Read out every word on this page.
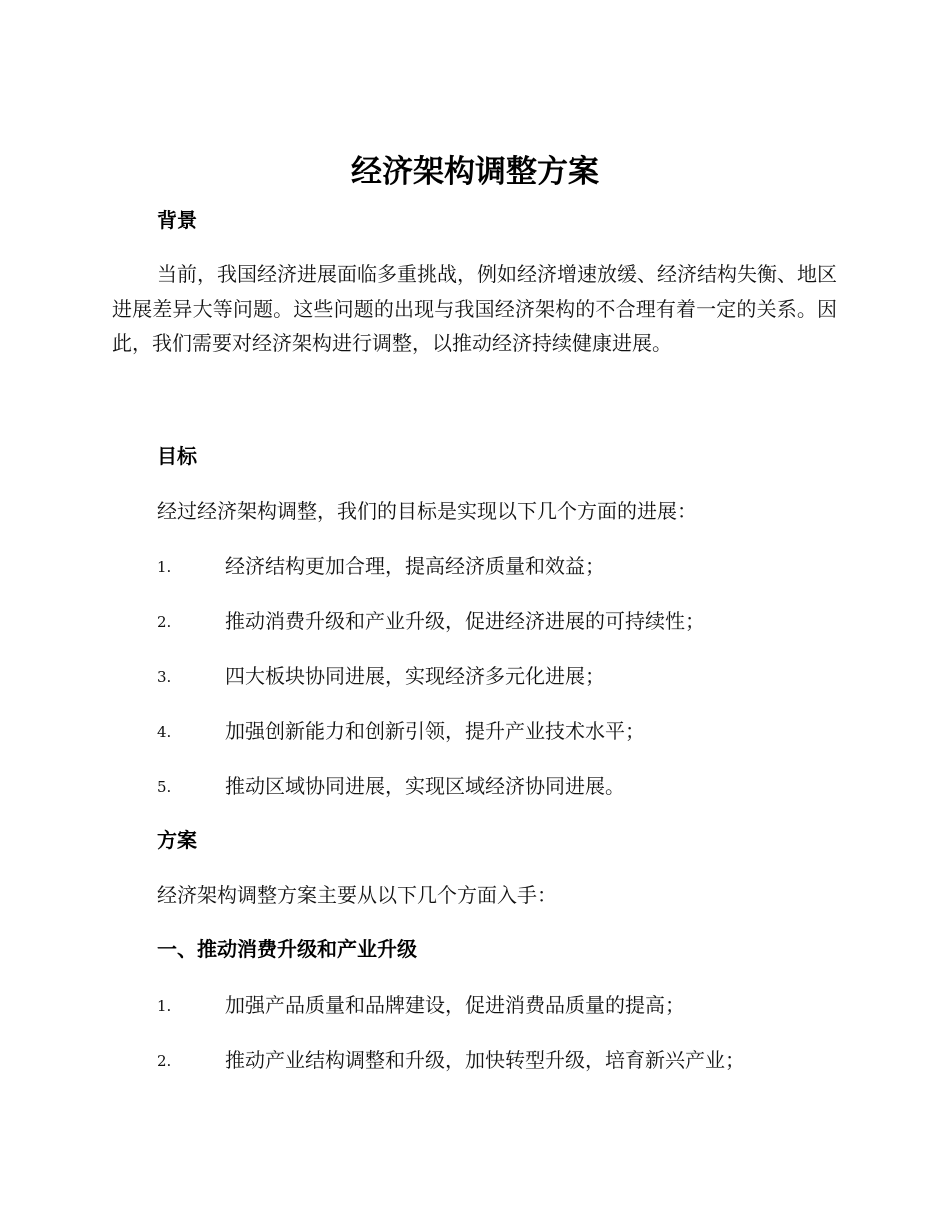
经济架构调整方案
背景

当前，我国经济进展面临多重挑战，例如经济增速放缓、经济结构失衡、地区进展差异大等问题。这些问题的出现与我国经济架构的不合理有着一定的关系。因此，我们需要对经济架构进行调整，以推动经济持续健康进展。

目标
经过经济架构调整，我们的目标是实现以下几个方面的进展：
1.	经济结构更加合理，提高经济质量和效益；
2.	推动消费升级和产业升级，促进经济进展的可持续性；
3.	四大板块协同进展，实现经济多元化进展；
4.	加强创新能力和创新引领，提升产业技术水平；
5.	推动区域协同进展，实现区域经济协同进展。
方案
经济架构调整方案主要从以下几个方面入手：
一、推动消费升级和产业升级
1.	加强产品质量和品牌建设，促进消费品质量的提高；
2.	推动产业结构调整和升级，加快转型升级，培育新兴产业；
